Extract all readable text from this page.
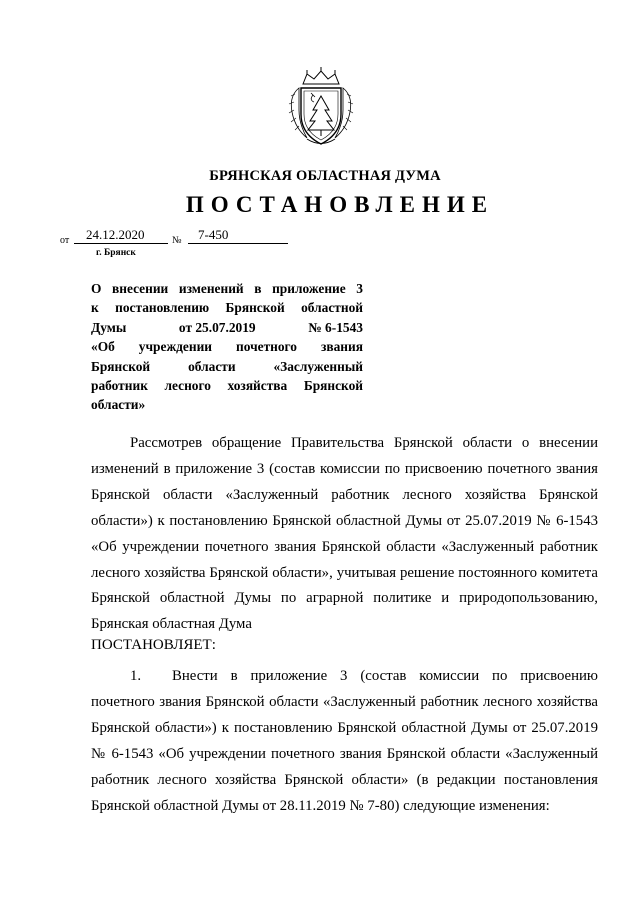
БРЯНСКАЯ ОБЛАСТНАЯ ДУМА
ПОСТАНОВЛЕНИЕ
от 24.12.2020	№ 7-450
г. Брянск
О внесении изменений в приложение 3
к постановлению Брянской областной
Думы	от 25.07.2019	№ 6-1543
«Об учреждении почетного звания
Брянской области «Заслуженный
работник лесного хозяйства Брянской
области»
Рассмотрев обращение Правительства Брянской области о внесении изменений в приложение 3 (состав комиссии по присвоению почетного звания Брянской области «Заслуженный работник лесного хозяйства Брянской области») к постановлению Брянской областной Думы от 25.07.2019 № 6-1543 «Об учреждении почетного звания Брянской области «Заслуженный работник лесного хозяйства Брянской области», учитывая решение постоянного комитета Брянской областной Думы по аграрной политике и природопользованию, Брянская областная Дума
ПОСТАНОВЛЯЕТ:
1. Внести в приложение 3 (состав комиссии по присвоению почетного звания Брянской области «Заслуженный работник лесного хозяйства Брянской области») к постановлению Брянской областной Думы от 25.07.2019 № 6-1543 «Об учреждении почетного звания Брянской области «Заслуженный работник лесного хозяйства Брянской области» (в редакции постановления Брянской областной Думы от 28.11.2019 № 7-80) следующие изменения:
